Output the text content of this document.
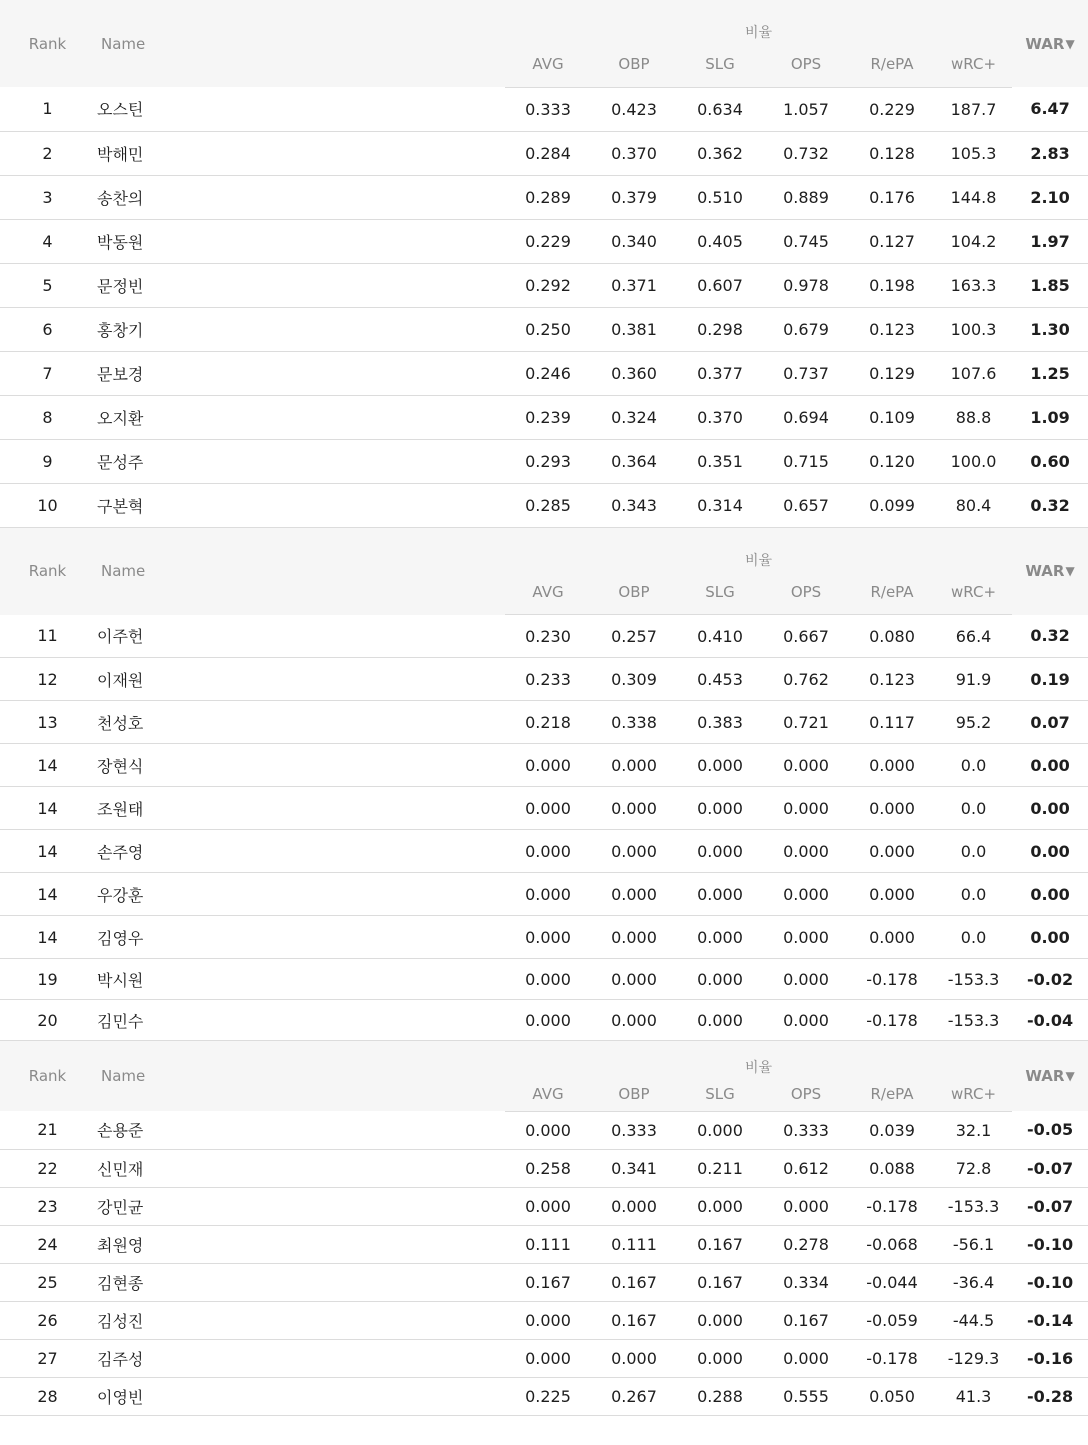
Rank	Name	비율						WAR▼
		AVG	OBP	SLG	OPS	R/ePA	wRC+	
1	오스틴	0.333	0.423	0.634	1.057	0.229	187.7	6.47
2	박해민	0.284	0.370	0.362	0.732	0.128	105.3	2.83
3	송찬의	0.289	0.379	0.510	0.889	0.176	144.8	2.10
4	박동원	0.229	0.340	0.405	0.745	0.127	104.2	1.97
5	문정빈	0.292	0.371	0.607	0.978	0.198	163.3	1.85
6	홍창기	0.250	0.381	0.298	0.679	0.123	100.3	1.30
7	문보경	0.246	0.360	0.377	0.737	0.129	107.6	1.25
8	오지환	0.239	0.324	0.370	0.694	0.109	88.8	1.09
9	문성주	0.293	0.364	0.351	0.715	0.120	100.0	0.60
10	구본혁	0.285	0.343	0.314	0.657	0.099	80.4	0.32
Rank	Name	비율						WAR▼
		AVG	OBP	SLG	OPS	R/ePA	wRC+	
11	이주헌	0.230	0.257	0.410	0.667	0.080	66.4	0.32
12	이재원	0.233	0.309	0.453	0.762	0.123	91.9	0.19
13	천성호	0.218	0.338	0.383	0.721	0.117	95.2	0.07
14	장현식	0.000	0.000	0.000	0.000	0.000	0.0	0.00
14	조원태	0.000	0.000	0.000	0.000	0.000	0.0	0.00
14	손주영	0.000	0.000	0.000	0.000	0.000	0.0	0.00
14	우강훈	0.000	0.000	0.000	0.000	0.000	0.0	0.00
14	김영우	0.000	0.000	0.000	0.000	0.000	0.0	0.00
19	박시원	0.000	0.000	0.000	0.000	-0.178	-153.3	-0.02
20	김민수	0.000	0.000	0.000	0.000	-0.178	-153.3	-0.04
Rank	Name	비율						WAR▼
		AVG	OBP	SLG	OPS	R/ePA	wRC+	
21	손용준	0.000	0.333	0.000	0.333	0.039	32.1	-0.05
22	신민재	0.258	0.341	0.211	0.612	0.088	72.8	-0.07
23	강민균	0.000	0.000	0.000	0.000	-0.178	-153.3	-0.07
24	최원영	0.111	0.111	0.167	0.278	-0.068	-56.1	-0.10
25	김현종	0.167	0.167	0.167	0.334	-0.044	-36.4	-0.10
26	김성진	0.000	0.167	0.000	0.167	-0.059	-44.5	-0.14
27	김주성	0.000	0.000	0.000	0.000	-0.178	-129.3	-0.16
28	이영빈	0.225	0.267	0.288	0.555	0.050	41.3	-0.28
